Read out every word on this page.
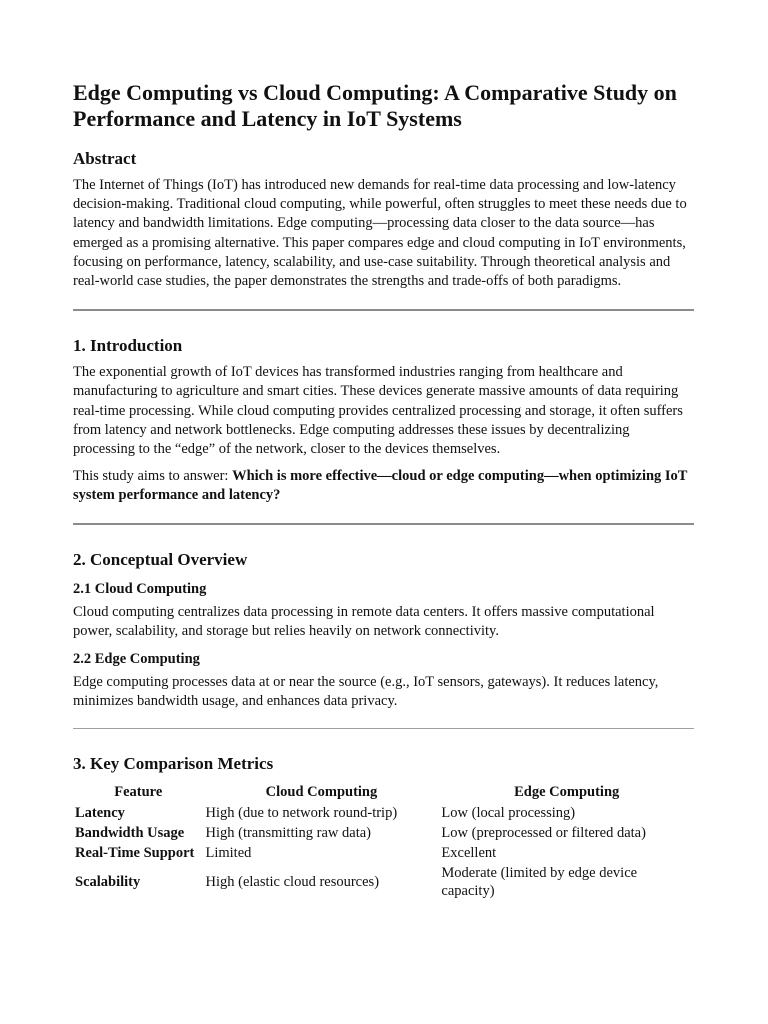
Edge Computing vs Cloud Computing: A Comparative Study on Performance and Latency in IoT Systems
Abstract

The Internet of Things (IoT) has introduced new demands for real-time data processing and low-latency decision-making. Traditional cloud computing, while powerful, often struggles to meet these needs due to latency and bandwidth limitations. Edge computing—processing data closer to the data source—has emerged as a promising alternative. This paper compares edge and cloud computing in IoT environments, focusing on performance, latency, scalability, and use-case suitability. Through theoretical analysis and real-world case studies, the paper demonstrates the strengths and trade-offs of both paradigms.

1. Introduction

The exponential growth of IoT devices has transformed industries ranging from healthcare and manufacturing to agriculture and smart cities. These devices generate massive amounts of data requiring real-time processing. While cloud computing provides centralized processing and storage, it often suffers from latency and network bottlenecks. Edge computing addresses these issues by decentralizing processing to the “edge” of the network, closer to the devices themselves.

This study aims to answer: Which is more effective—cloud or edge computing—when optimizing IoT system performance and latency?

2. Conceptual Overview
2.1 Cloud Computing

Cloud computing centralizes data processing in remote data centers. It offers massive computational power, scalability, and storage but relies heavily on network connectivity.

2.2 Edge Computing

Edge computing processes data at or near the source (e.g., IoT sensors, gateways). It reduces latency, minimizes bandwidth usage, and enhances data privacy.

3. Key Comparison Metrics
Feature	Cloud Computing	Edge Computing
Latency	High (due to network round-trip)	Low (local processing)
Bandwidth Usage	High (transmitting raw data)	Low (preprocessed or filtered data)
Real-Time Support	Limited	Excellent
Scalability	High (elastic cloud resources)	Moderate (limited by edge device capacity)
